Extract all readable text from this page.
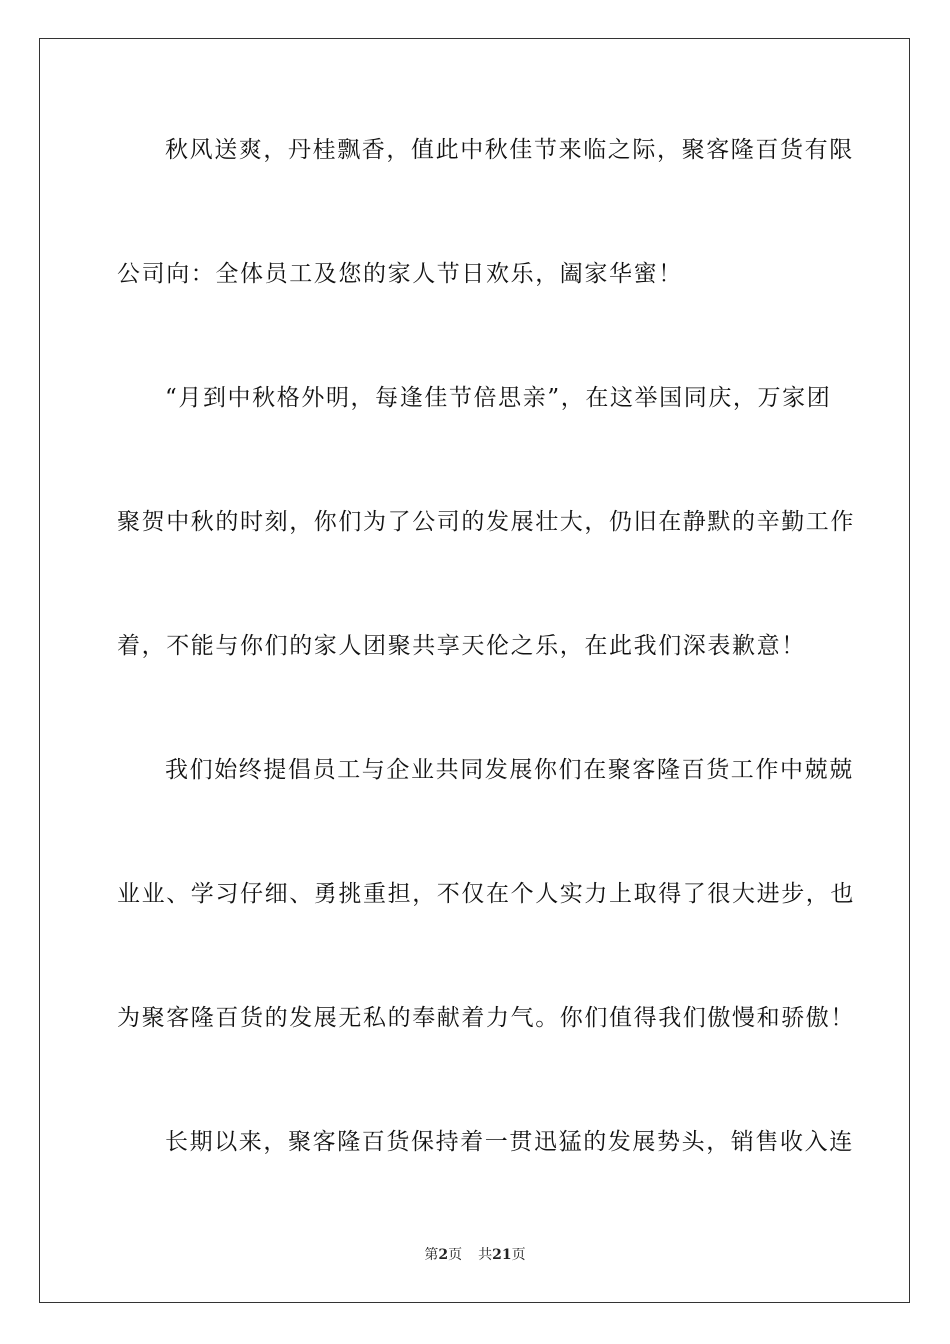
秋风送爽，丹桂飘香，值此中秋佳节来临之际，聚客隆百货有限
公司向：全体员工及您的家人节日欢乐，阖家华蜜！
“月到中秋格外明，每逢佳节倍思亲”，在这举国同庆，万家团
聚贺中秋的时刻，你们为了公司的发展壮大，仍旧在静默的辛勤工作
着，不能与你们的家人团聚共享天伦之乐，在此我们深表歉意！
我们始终提倡员工与企业共同发展你们在聚客隆百货工作中兢兢
业业、学习仔细、勇挑重担，不仅在个人实力上取得了很大进步，也
为聚客隆百货的发展无私的奉献着力气。你们值得我们傲慢和骄傲！
长期以来，聚客隆百货保持着一贯迅猛的发展势头，销售收入连
第2页 共21页
